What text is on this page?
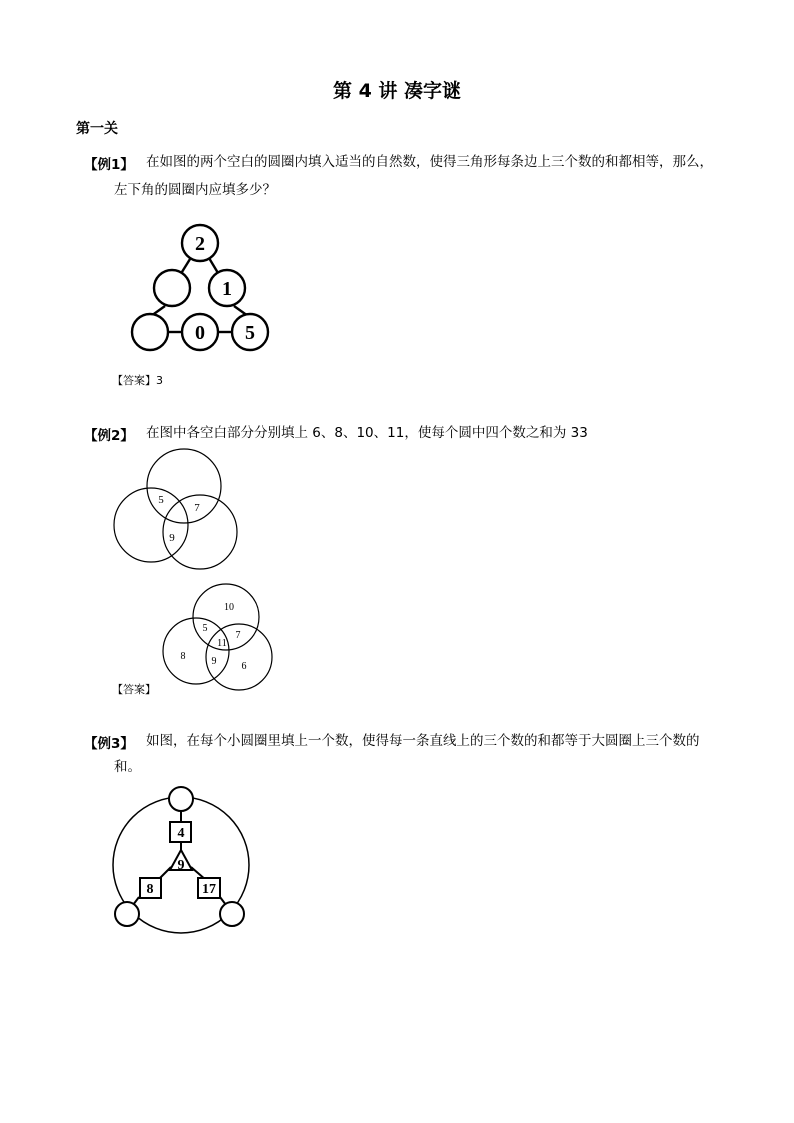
第 4 讲 凑字谜
第一关
【例1】 在如图的两个空白的圆圈内填入适当的自然数，使得三角形每条边上三个数的和都相等，那么，
左下角的圆圈内应填多少？
2
1
0 5
【答案】3
【例2】 在图中各空白部分分别填上 6、8、10、11，使每个圆中四个数之和为 33
5
7
9
10
5
7
11
8	9	6
【答案】
【例3】 如图，在每个小圆圈里填上一个数，使得每一条直线上的三个数的和都等于大圆圈上三个数的
和。
4
9
8	17
